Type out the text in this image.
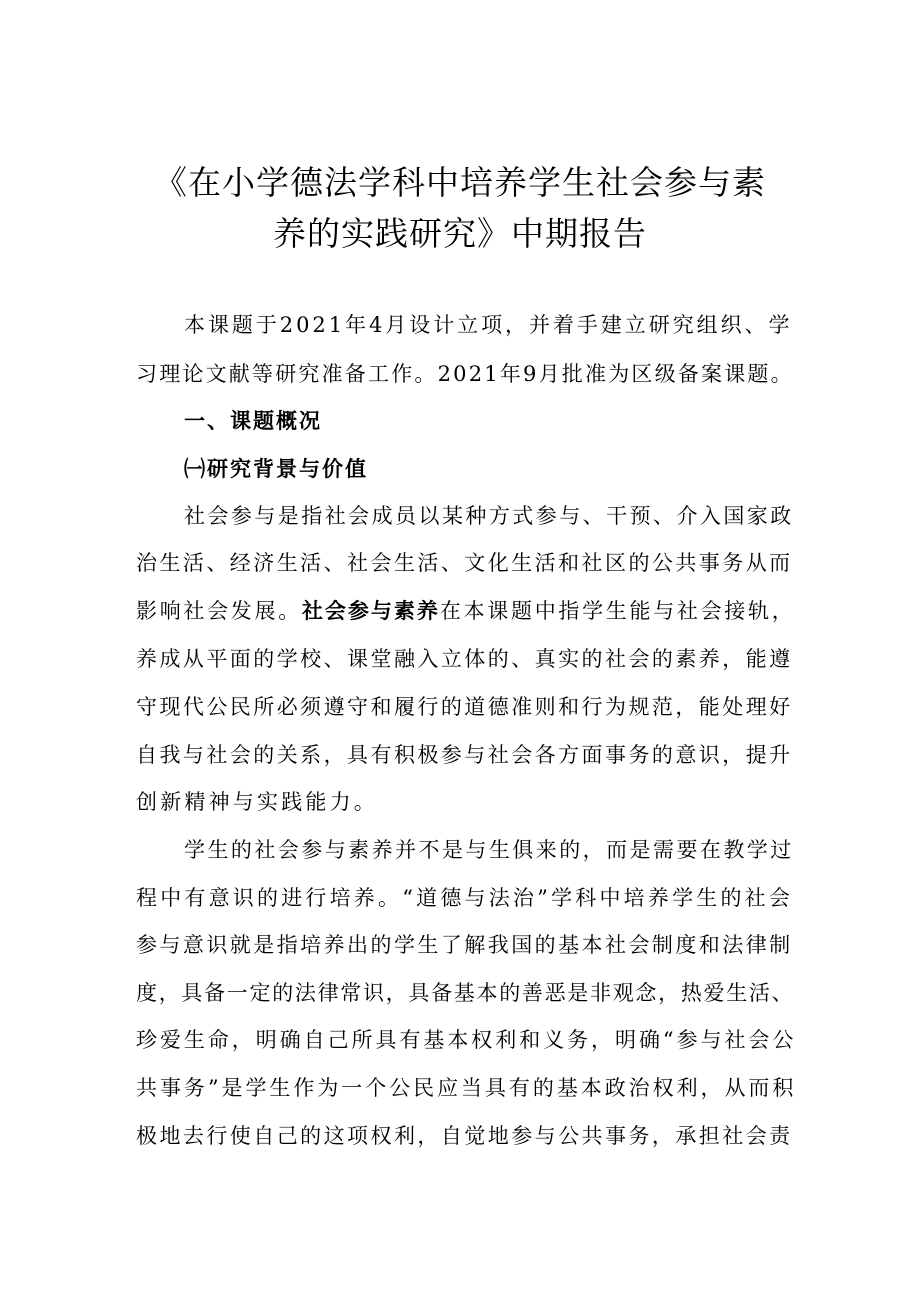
《在小学德法学科中培养学生社会参与素
养的实践研究》中期报告
本课题于2021年4月设计立项，并着手建立研究组织、学
习理论文献等研究准备工作。2021年9月批准为区级备案课题。
一、课题概况
㈠研究背景与价值
社会参与是指社会成员以某种方式参与、干预、介入国家政
治生活、经济生活、社会生活、文化生活和社区的公共事务从而
影响社会发展。社会参与素养在本课题中指学生能与社会接轨，
养成从平面的学校、课堂融入立体的、真实的社会的素养，能遵
守现代公民所必须遵守和履行的道德准则和行为规范，能处理好
自我与社会的关系，具有积极参与社会各方面事务的意识，提升
创新精神与实践能力。
学生的社会参与素养并不是与生俱来的，而是需要在教学过
程中有意识的进行培养。“道德与法治”学科中培养学生的社会
参与意识就是指培养出的学生了解我国的基本社会制度和法律制
度，具备一定的法律常识，具备基本的善恶是非观念，热爱生活、
珍爱生命，明确自己所具有基本权利和义务，明确“参与社会公
共事务”是学生作为一个公民应当具有的基本政治权利，从而积
极地去行使自己的这项权利，自觉地参与公共事务，承担社会责
